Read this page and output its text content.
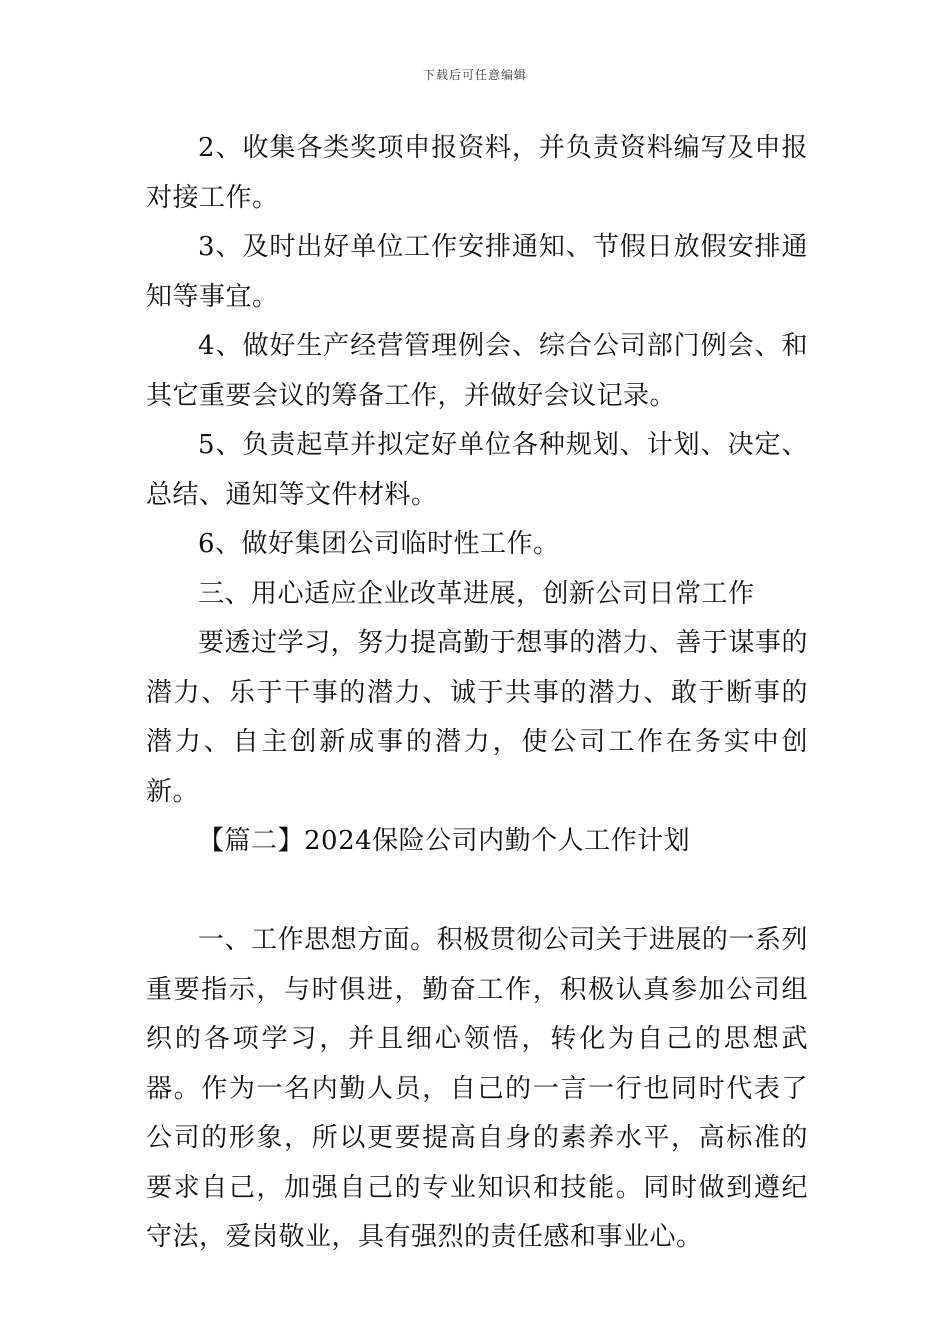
下载后可任意编辑

2、收集各类奖项申报资料，并负责资料编写及申报对接工作。

3、及时出好单位工作安排通知、节假日放假安排通知等事宜。

4、做好生产经营管理例会、综合公司部门例会、和其它重要会议的筹备工作，并做好会议记录。

5、负责起草并拟定好单位各种规划、计划、决定、总结、通知等文件材料。

6、做好集团公司临时性工作。

三、用心适应企业改革进展，创新公司日常工作

要透过学习，努力提高勤于想事的潜力、善于谋事的潜力、乐于干事的潜力、诚于共事的潜力、敢于断事的潜力、自主创新成事的潜力，使公司工作在务实中创新。

【篇二】2024保险公司内勤个人工作计划

一、工作思想方面。积极贯彻公司关于进展的一系列重要指示，与时俱进，勤奋工作，积极认真参加公司组织的各项学习，并且细心领悟，转化为自己的思想武器。作为一名内勤人员，自己的一言一行也同时代表了公司的形象，所以更要提高自身的素养水平，高标准的要求自己，加强自己的专业知识和技能。同时做到遵纪守法，爱岗敬业，具有强烈的责任感和事业心。
